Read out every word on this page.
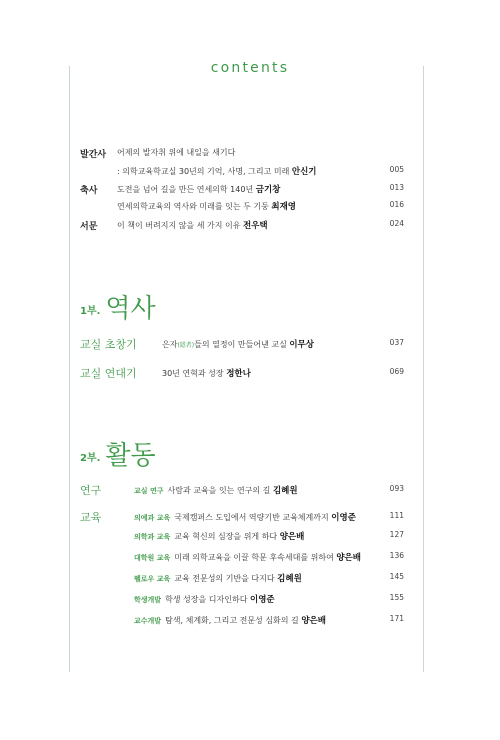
contents
발간사 어제의 발자취 위에 내일을 새기다
: 의학교육학교실 30년의 기억, 사명, 그리고 미래 안신기	005
축사 도전을 넘어 길을 만든 연세의학 140년 금기창	013
연세의학교육의 역사와 미래를 잇는 두 기둥 최재영	016
서문 이 책이 버려지지 않을 세 가지 이유 전우택	024
1부. 역사
교실 초창기	은자(隱者)들의 열정이 만들어낸 교실 이무상	037
교실 연대기	30년 연혁과 성장 정한나	069
2부. 활동
연구	교실 연구 사람과 교육을 잇는 연구의 길 김혜원	093
교육	의예과 교육 국제캠퍼스 도입에서 역량기반 교육체계까지 이영준	111
의학과 교육 교육 혁신의 심장을 위게 하다 양은배	127
대학원 교육 미래 의학교육을 이끌 학문 후속세대를 위하여 양은배	136
펠로우 교육 교육 전문성의 기반을 다지다 김혜원	145
학생개발 학생 성장을 디자인하다 이영준	155
교수개발 탐색, 체계화, 그리고 전문성 심화의 길 양은배	171
